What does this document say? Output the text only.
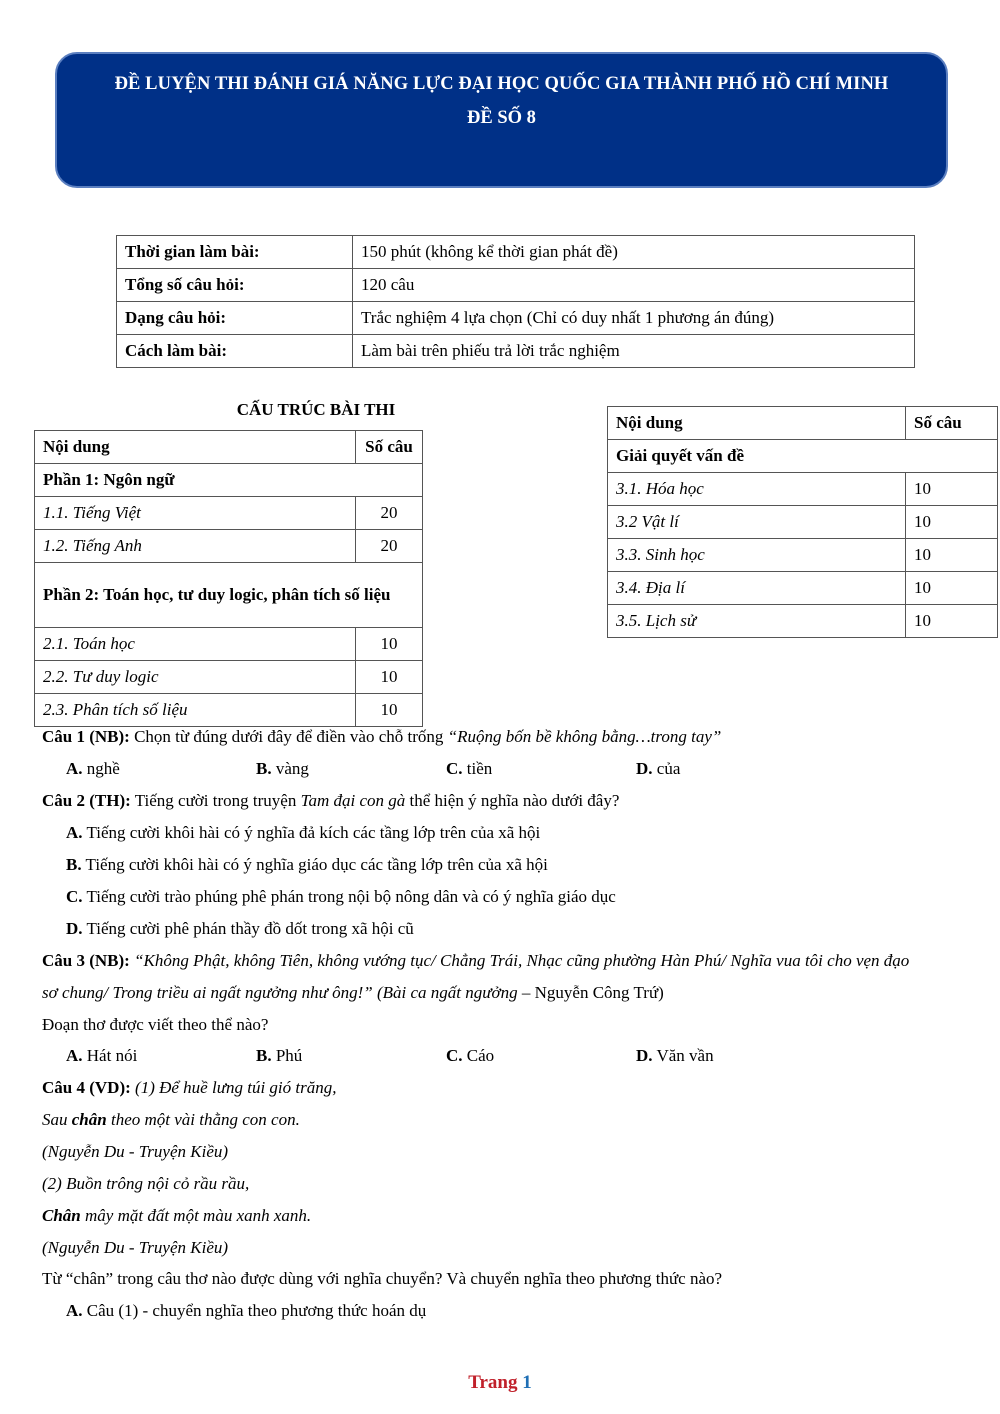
ĐỀ LUYỆN THI ĐÁNH GIÁ NĂNG LỰC ĐẠI HỌC QUỐC GIA THÀNH PHỐ HỒ CHÍ MINH
ĐỀ SỐ 8
Thời gian làm bài:	150 phút (không kể thời gian phát đề)
Tổng số câu hỏi:	120 câu
Dạng câu hỏi:	Trắc nghiệm 4 lựa chọn (Chỉ có duy nhất 1 phương án đúng)
Cách làm bài:	Làm bài trên phiếu trả lời trắc nghiệm
CẤU TRÚC BÀI THI
Nội dung	Số câu
Phần 1: Ngôn ngữ	
1.1. Tiếng Việt	20
1.2. Tiếng Anh	20
Phần 2: Toán học, tư duy logic, phân tích số liệu	
2.1. Toán học	10
2.2. Tư duy logic	10
2.3. Phân tích số liệu	10
Nội dung	Số câu
Giải quyết vấn đề	
3.1. Hóa học	10
3.2 Vật lí	10
3.3. Sinh học	10
3.4. Địa lí	10
3.5. Lịch sử	10
Câu 1 (NB): Chọn từ đúng dưới đây để điền vào chỗ trống “Ruộng bốn bề không bằng…trong tay”
A. nghề	B. vàng	C. tiền	D. của
Câu 2 (TH): Tiếng cười trong truyện Tam đại con gà thể hiện ý nghĩa nào dưới đây?
A. Tiếng cười khôi hài có ý nghĩa đả kích các tầng lớp trên của xã hội
B. Tiếng cười khôi hài có ý nghĩa giáo dục các tầng lớp trên của xã hội
C. Tiếng cười trào phúng phê phán trong nội bộ nông dân và có ý nghĩa giáo dục
D. Tiếng cười phê phán thầy đồ dốt trong xã hội cũ
Câu 3 (NB): “Không Phật, không Tiên, không vướng tục/ Chẳng Trái, Nhạc cũng phường Hàn Phú/ Nghĩa vua tôi cho vẹn đạo
sơ chung/ Trong triều ai ngất ngưởng như ông!” (Bài ca ngất ngưởng – Nguyễn Công Trứ)
Đoạn thơ được viết theo thể nào?
A. Hát nói	B. Phú	C. Cáo	D. Văn vần
Câu 4 (VD): (1) Để huề lưng túi gió trăng,
Sau chân theo một vài thằng con con.
(Nguyễn Du - Truyện Kiều)
(2) Buồn trông nội cỏ rầu rầu,
Chân mây mặt đất một màu xanh xanh.
(Nguyễn Du - Truyện Kiều)
Từ “chân” trong câu thơ nào được dùng với nghĩa chuyển? Và chuyển nghĩa theo phương thức nào?
A. Câu (1) - chuyển nghĩa theo phương thức hoán dụ
Trang 1
